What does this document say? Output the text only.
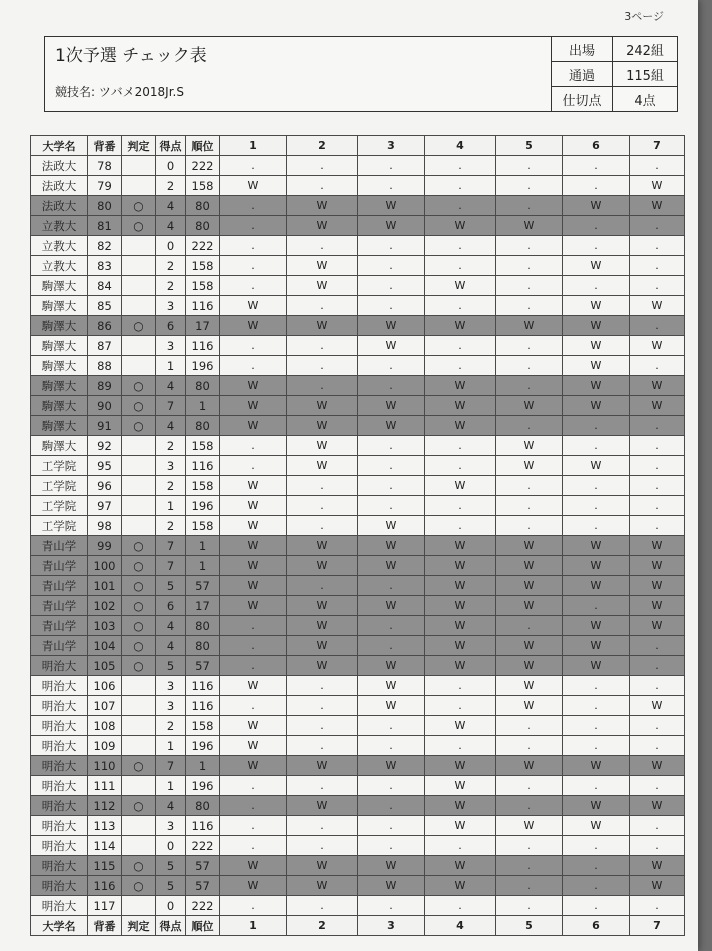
3ページ
1次予選 チェック表
競技名: ツバメ2018Jr.S
出場	242組
通過	115組
仕切点	4点
大学名	背番	判定	得点	順位	1	2	3	4	5	6	7
法政大	78		0	222	.	.	.	.	.	.	.
法政大	79		2	158	W	.	.	.	.	.	W
法政大	80	○	4	80	.	W	W	.	.	W	W
立教大	81	○	4	80	.	W	W	W	W	.	.
立教大	82		0	222	.	.	.	.	.	.	.
立教大	83		2	158	.	W	.	.	.	W	.
駒澤大	84		2	158	.	W	.	W	.	.	.
駒澤大	85		3	116	W	.	.	.	.	W	W
駒澤大	86	○	6	17	W	W	W	W	W	W	.
駒澤大	87		3	116	.	.	W	.	.	W	W
駒澤大	88		1	196	.	.	.	.	.	W	.
駒澤大	89	○	4	80	W	.	.	W	.	W	W
駒澤大	90	○	7	1	W	W	W	W	W	W	W
駒澤大	91	○	4	80	W	W	W	W	.	.	.
駒澤大	92		2	158	.	W	.	.	W	.	.
工学院	95		3	116	.	W	.	.	W	W	.
工学院	96		2	158	W	.	.	W	.	.	.
工学院	97		1	196	W	.	.	.	.	.	.
工学院	98		2	158	W	.	W	.	.	.	.
青山学	99	○	7	1	W	W	W	W	W	W	W
青山学	100	○	7	1	W	W	W	W	W	W	W
青山学	101	○	5	57	W	.	.	W	W	W	W
青山学	102	○	6	17	W	W	W	W	W	.	W
青山学	103	○	4	80	.	W	.	W	.	W	W
青山学	104	○	4	80	.	W	.	W	W	W	.
明治大	105	○	5	57	.	W	W	W	W	W	.
明治大	106		3	116	W	.	W	.	W	.	.
明治大	107		3	116	.	.	W	.	W	.	W
明治大	108		2	158	W	.	.	W	.	.	.
明治大	109		1	196	W	.	.	.	.	.	.
明治大	110	○	7	1	W	W	W	W	W	W	W
明治大	111		1	196	.	.	.	W	.	.	.
明治大	112	○	4	80	.	W	.	W	.	W	W
明治大	113		3	116	.	.	.	W	W	W	.
明治大	114		0	222	.	.	.	.	.	.	.
明治大	115	○	5	57	W	W	W	W	.	.	W
明治大	116	○	5	57	W	W	W	W	.	.	W
明治大	117		0	222	.	.	.	.	.	.	.
大学名	背番	判定	得点	順位	1	2	3	4	5	6	7
